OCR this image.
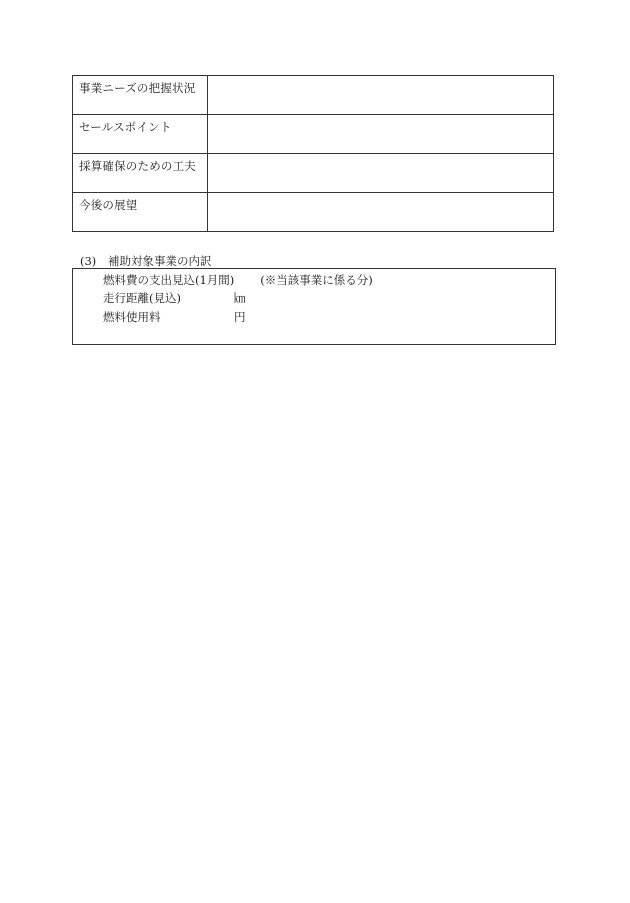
事業ニーズの把握状況	
セールスポイント	
採算確保のための工夫	
今後の展望	
(3) 補助対象事業の内訳
燃料費の支出見込(1月間) (※当該事業に係る分)
走行距離(見込)	㎞
燃料使用料	円
